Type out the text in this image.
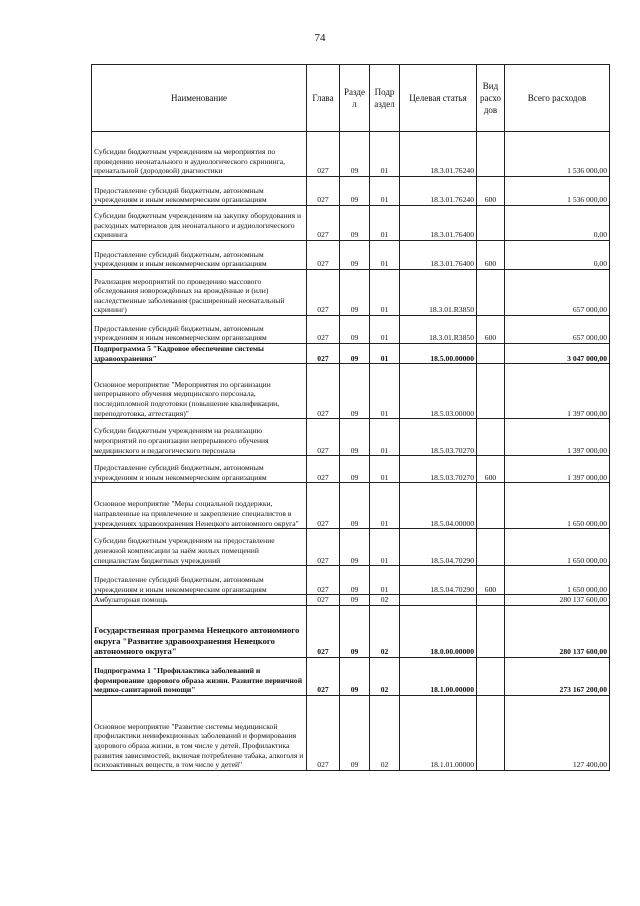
74
Наименование	Глава	Разде л	Подр аздел	Целевая статья	Вид расхо дов	Всего расходов
Субсидии бюджетным учреждениям на мероприятия по проведению неонатального и аудиологического скрининга, пренатальной (дородовой) диагностики	027	09	01	18.3.01.76240		1 536 000,00
Предоставление субсидий бюджетным, автономным учреждениям и иным некоммерческим организациям	027	09	01	18.3.01.76240	600	1 536 000,00
Субсидии бюджетным учреждениям на закупку оборудования и расходных материалов для неонатального и аудиологического скрининга	027	09	01	18.3.01.76400		0,00
Предоставление субсидий бюджетным, автономным учреждениям и иным некоммерческим организациям	027	09	01	18.3.01.76400	600	0,00
Реализация мероприятий по проведению массового обследования новорождённых на врождённые и (или) наследственные заболевания (расширенный неонатальный скрининг)	027	09	01	18.3.01.R3850		657 000,00
Предоставление субсидий бюджетным, автономным учреждениям и иным некоммерческим организациям	027	09	01	18.3.01.R3850	600	657 000,00
Подпрограмма 5 "Кадровое обеспечение системы здравоохранения"	027	09	01	18.5.00.00000		3 047 000,00
Основное мероприятие "Мероприятия по организации непрерывного обучения медицинского персонала, последипломной подготовки (повышение квалификации, переподготовка, аттестация)"	027	09	01	18.5.03.00000		1 397 000,00
Субсидии бюджетным учреждениям на реализацию мероприятий по организации непрерывного обучения медицинского и педагогического персонала	027	09	01	18.5.03.70270		1 397 000,00
Предоставление субсидий бюджетным, автономным учреждениям и иным некоммерческим организациям	027	09	01	18.5.03.70270	600	1 397 000,00
Основное мероприятие "Меры социальной поддержки, направленные на привлечение и закрепление специалистов в учреждениях здравоохранения Ненецкого автономного округа"	027	09	01	18.5.04.00000		1 650 000,00
Субсидии бюджетным учреждениям на предоставление денежной компенсации за наём жилых помещений специалистам бюджетных учреждений	027	09	01	18.5.04.70290		1 650 000,00
Предоставление субсидий бюджетным, автономным учреждениям и иным некоммерческим организациям	027	09	01	18.5.04.70290	600	1 650 000,00
Амбулаторная помощь	027	09	02			280 137 600,00
Государственная программа Ненецкого автономного округа "Развитие здравоохранения Ненецкого автономного округа"	027	09	02	18.0.00.00000		280 137 600,00
Подпрограмма 1 "Профилактика заболеваний и формирование здорового образа жизни. Развитие первичной медико-санитарной помощи"	027	09	02	18.1.00.00000		273 167 200,00
Основное мероприятие "Развитие системы медицинской профилактики неинфекционных заболеваний и формирования здорового образа жизни, в том числе у детей. Профилактика развития зависимостей, включая потребление табака, алкоголя и психоактивных веществ, в том числе у детей"	027	09	02	18.1.01.00000		127 400,00
